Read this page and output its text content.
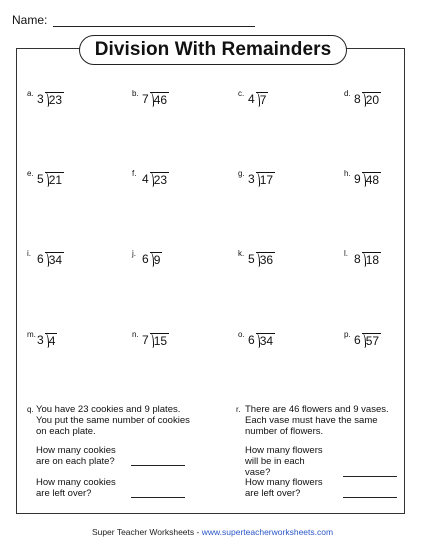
Name:
Division With Remainders
a. 3 23	b. 7 46	c. 4 7	d. 8 20
e. 5 21	f. 4 23	g. 3 17	h. 9 48
i. 6 34	j. 6 9	k. 5 36	l. 8 18
m. 3 4	n. 7 15	o. 6 34	p. 6 57
q. You have 23 cookies and 9 plates. You put the same number of cookies on each plate.
How many cookies are on each plate?
How many cookies are left over?
r. There are 46 flowers and 9 vases. Each vase must have the same number of flowers.
How many flowers will be in each vase?
How many flowers are left over?
Super Teacher Worksheets - www.superteacherworksheets.com
